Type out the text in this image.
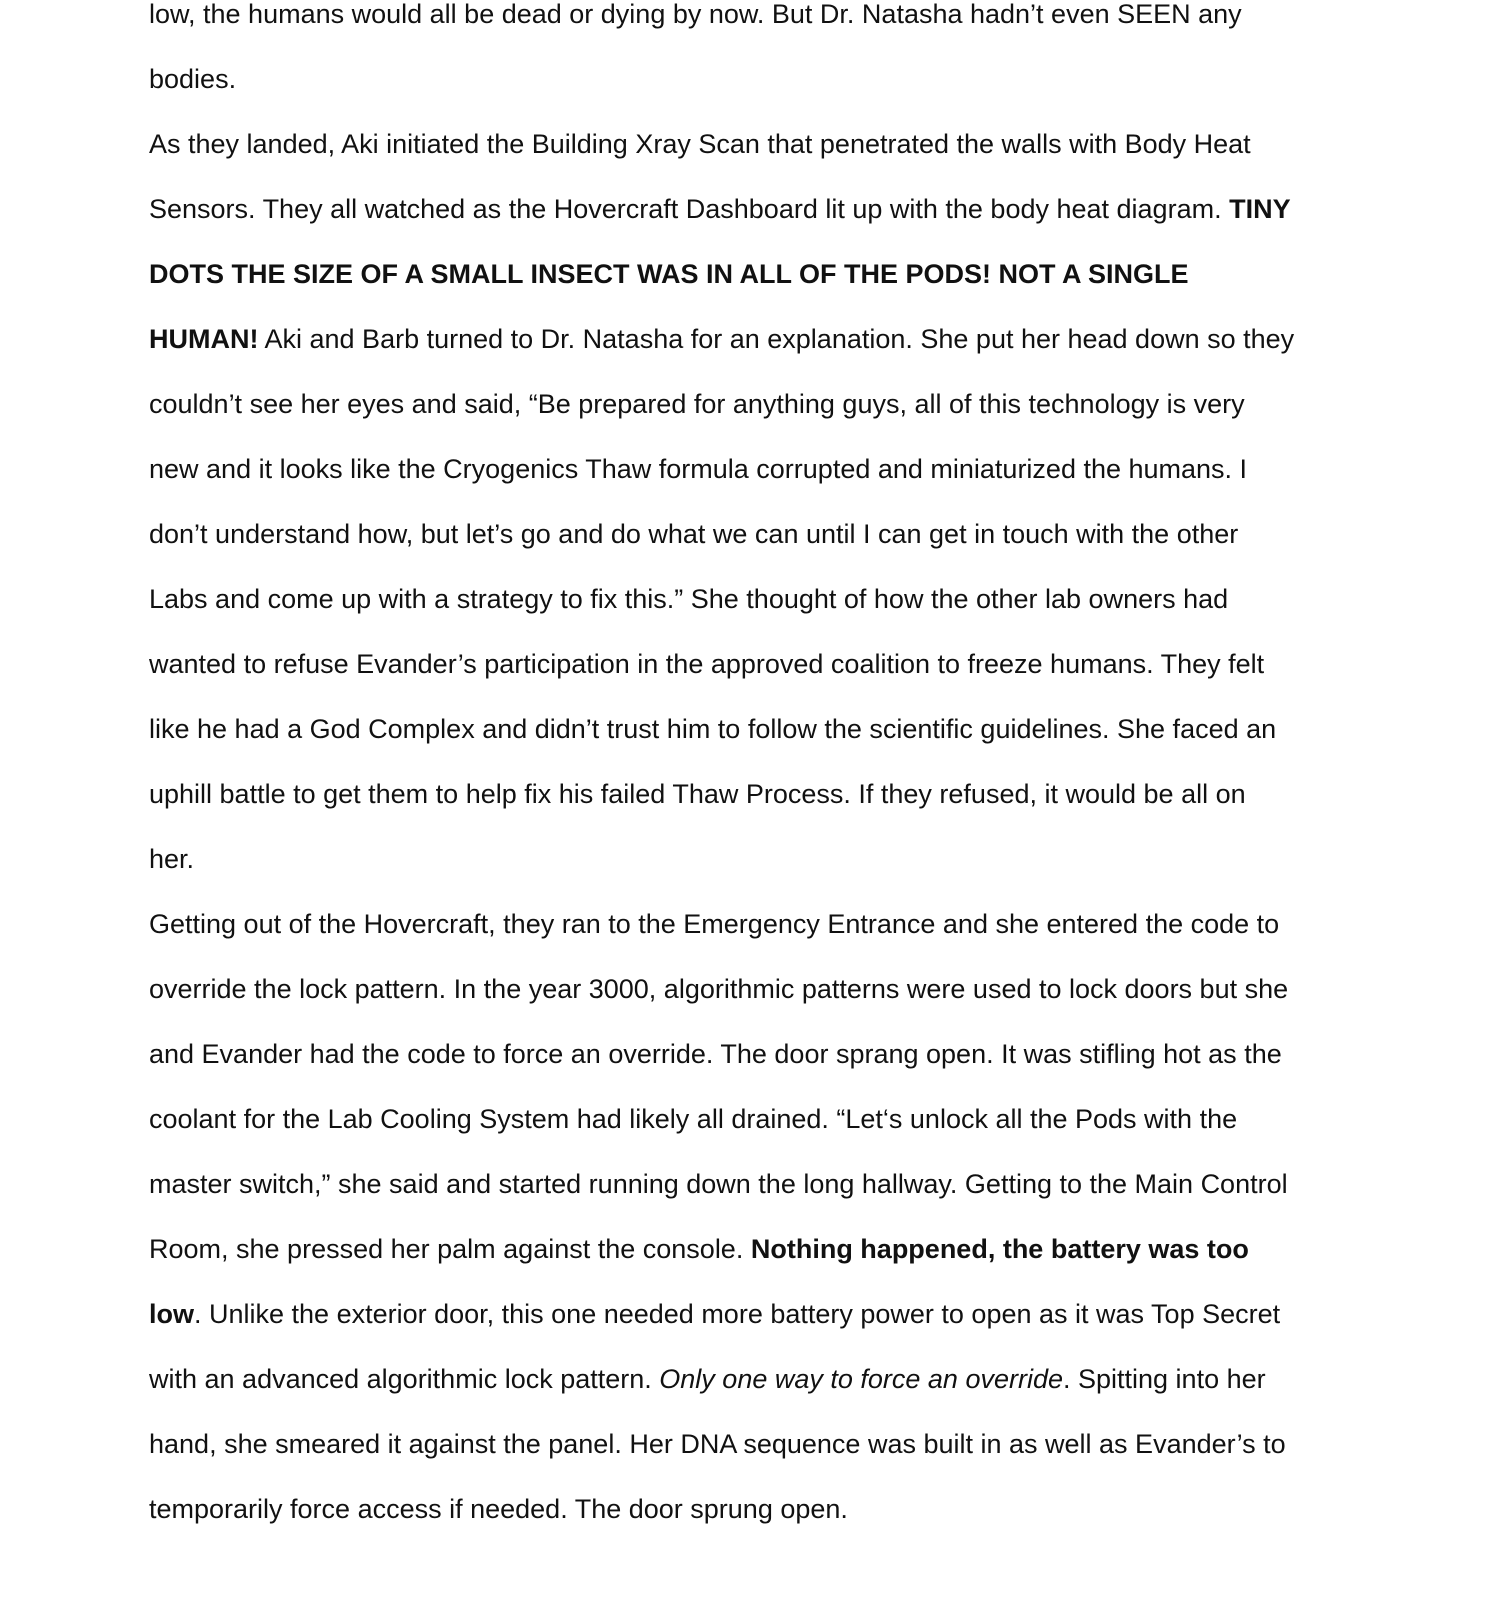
low, the humans would all be dead or dying by now. But Dr. Natasha hadn’t even SEEN any
bodies.
As they landed, Aki initiated the Building Xray Scan that penetrated the walls with Body Heat
Sensors. They all watched as the Hovercraft Dashboard lit up with the body heat diagram. TINY
DOTS THE SIZE OF A SMALL INSECT WAS IN ALL OF THE PODS! NOT A SINGLE
HUMAN! Aki and Barb turned to Dr. Natasha for an explanation. She put her head down so they
couldn’t see her eyes and said, “Be prepared for anything guys, all of this technology is very
new and it looks like the Cryogenics Thaw formula corrupted and miniaturized the humans. I
don’t understand how, but let’s go and do what we can until I can get in touch with the other
Labs and come up with a strategy to fix this.” She thought of how the other lab owners had
wanted to refuse Evander’s participation in the approved coalition to freeze humans. They felt
like he had a God Complex and didn’t trust him to follow the scientific guidelines. She faced an
uphill battle to get them to help fix his failed Thaw Process. If they refused, it would be all on
her.
Getting out of the Hovercraft, they ran to the Emergency Entrance and she entered the code to
override the lock pattern. In the year 3000, algorithmic patterns were used to lock doors but she
and Evander had the code to force an override. The door sprang open. It was stifling hot as the
coolant for the Lab Cooling System had likely all drained. “Let‘s unlock all the Pods with the
master switch,” she said and started running down the long hallway. Getting to the Main Control
Room, she pressed her palm against the console. Nothing happened, the battery was too
low. Unlike the exterior door, this one needed more battery power to open as it was Top Secret
with an advanced algorithmic lock pattern. Only one way to force an override. Spitting into her
hand, she smeared it against the panel. Her DNA sequence was built in as well as Evander’s to
temporarily force access if needed. The door sprung open.
